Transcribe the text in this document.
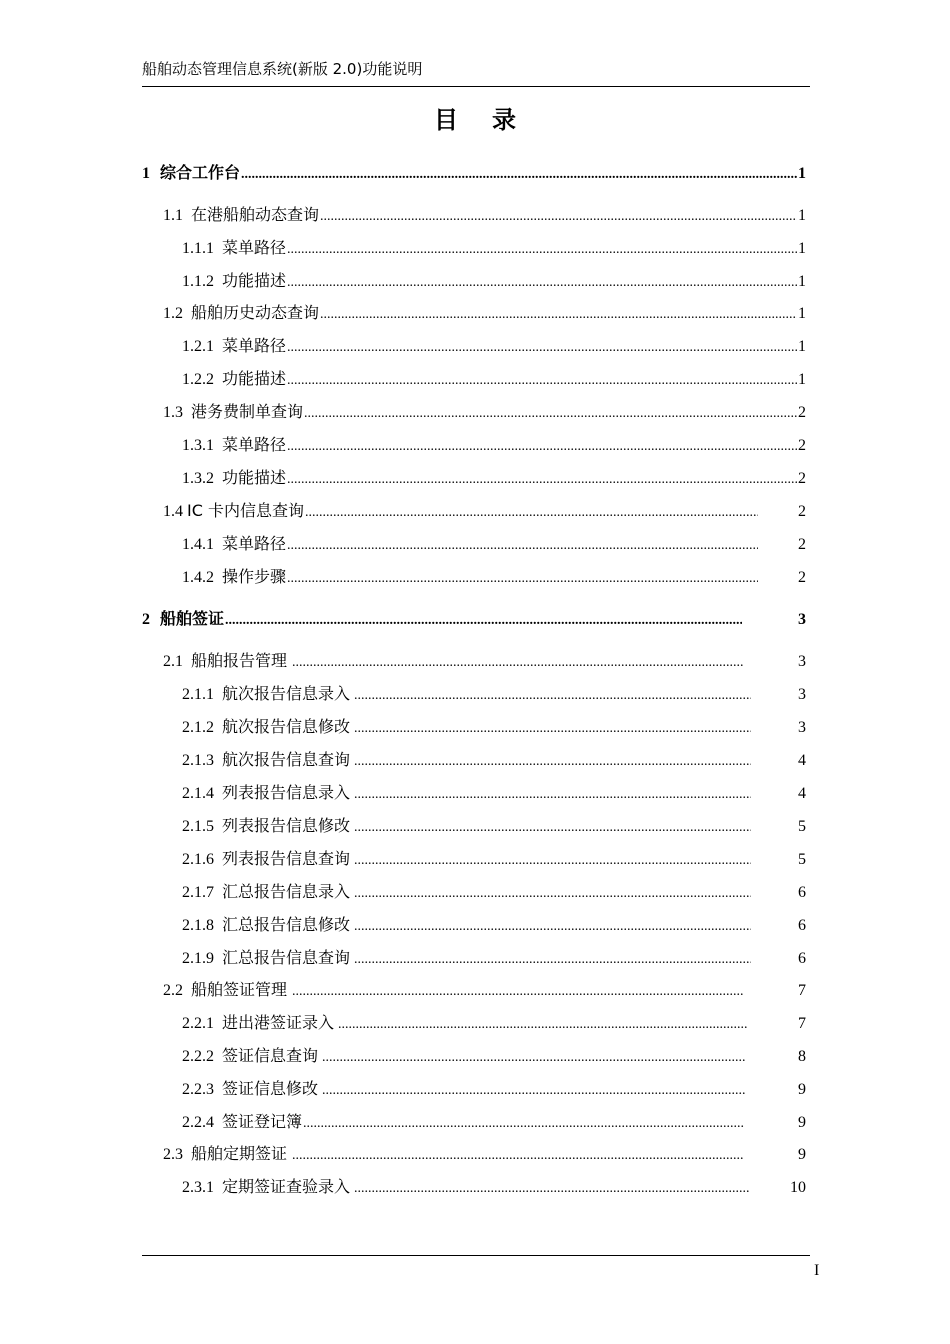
船舶动态管理信息系统(新版 2.0)功能说明
目录
1 综合工作台 .....	1
1.1 在港船舶动态查询 .....	1
1.1.1 菜单路径 .....	1
1.1.2 功能描述 .....	1
1.2 船舶历史动态查询 .....	1
1.2.1 菜单路径 .....	1
1.2.2 功能描述 .....	1
1.3 港务费制单查询 .....	2
1.3.1 菜单路径 .....	2
1.3.2 功能描述 .....	2
1.4 IC 卡内信息查询 .....	2
1.4.1 菜单路径 .....	2
1.4.2 操作步骤 .....	2
2 船舶签证 .....	3
2.1 船舶报告管理 .....	3
2.1.1 航次报告信息录入 .....	3
2.1.2 航次报告信息修改 .....	3
2.1.3 航次报告信息查询 .....	4
2.1.4 列表报告信息录入 .....	4
2.1.5 列表报告信息修改 .....	5
2.1.6 列表报告信息查询 .....	5
2.1.7 汇总报告信息录入 .....	6
2.1.8 汇总报告信息修改 .....	6
2.1.9 汇总报告信息查询 .....	6
2.2 船舶签证管理 .....	7
2.2.1 进出港签证录入 .....	7
2.2.2 签证信息查询 .....	8
2.2.3 签证信息修改 .....	9
2.2.4 签证登记簿 .....	9
2.3 船舶定期签证 .....	9
2.3.1 定期签证查验录入 .....	10
I
